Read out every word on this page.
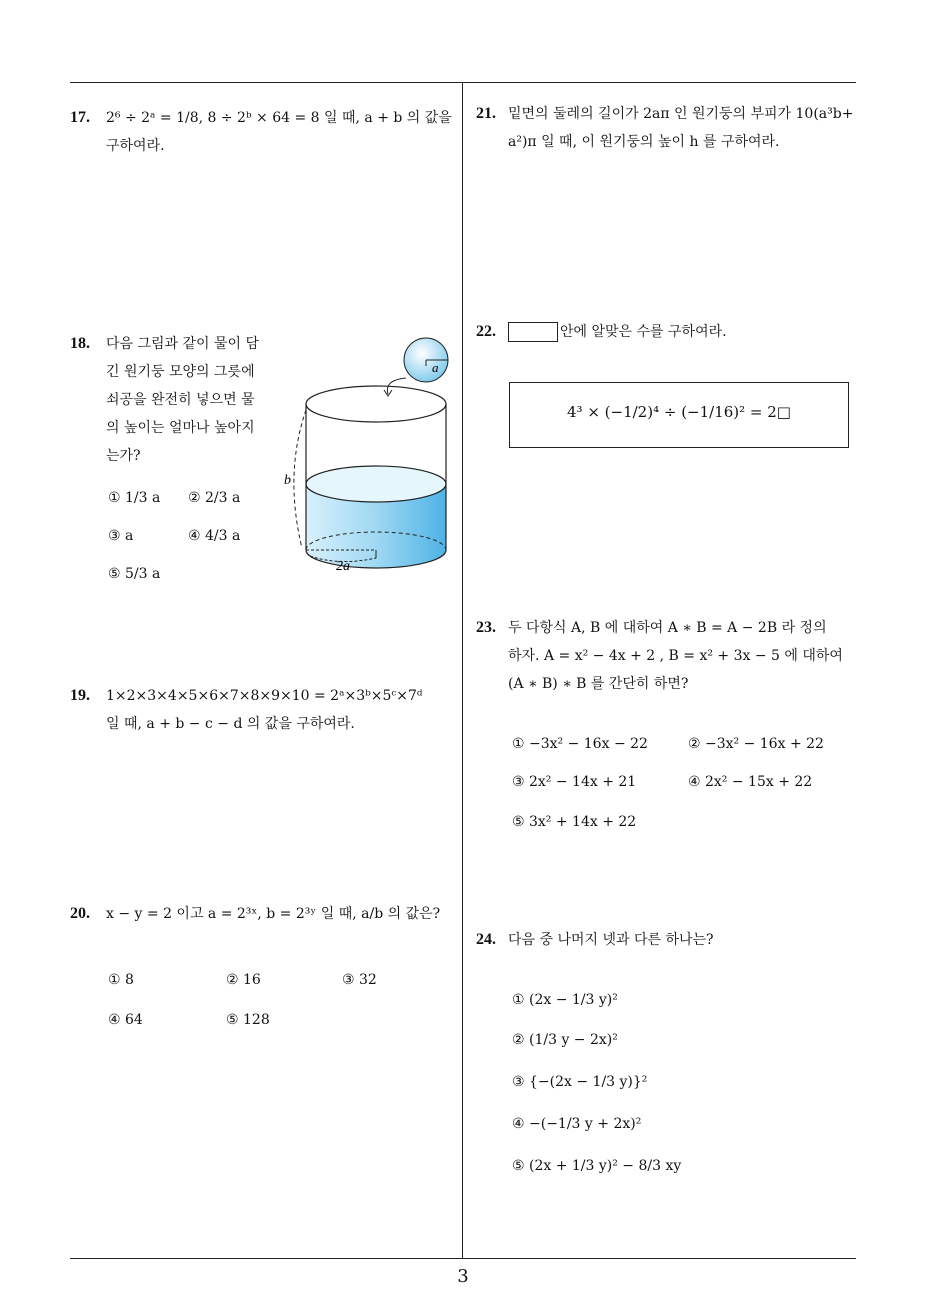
17. 2⁶ ÷ 2ᵃ = 1/8, 8 ÷ 2ᵇ × 64 = 8 일 때, a + b 의 값을

구하여라.

18. 다음 그림과 같이 물이 담

긴 원기둥 모양의 그릇에

쇠공을 완전히 넣으면 물

의 높이는 얼마나 높아지

는가?

① 1/3 a ② 2/3 a
③ a	④ 4/3 a
⑤ 5/3 a	2a
b
a
19. 1×2×3×4×5×6×7×8×9×10 = 2ᵃ×3ᵇ×5ᶜ×7ᵈ

일 때, a + b − c − d 의 값을 구하여라.

20. x − y = 2 이고 a = 2³ˣ, b = 2³ʸ 일 때, a/b 의 값은?

① 8	② 16	③ 32
④ 64	⑤ 128
21. 밑면의 둘레의 길이가 2aπ 인 원기둥의 부피가 10(a³b+

a²)π 일 때, 이 원기둥의 높이 h 를 구하여라.

22.	안에 알맞은 수를 구하여라.

4³ × (−1/2)⁴ ÷ (−1/16)² = 2□
23. 두 다항식 A, B 에 대하여 A ∗ B = A − 2B 라 정의

하자. A = x² − 4x + 2 , B = x² + 3x − 5 에 대하여

(A ∗ B) ∗ B 를 간단히 하면?

① −3x² − 16x − 22	② −3x² − 16x + 22
③ 2x² − 14x + 21	④ 2x² − 15x + 22
⑤ 3x² + 14x + 22
24. 다음 중 나머지 넷과 다른 하나는?

① (2x − 1/3 y)²
② (1/3 y − 2x)²
③ {−(2x − 1/3 y)}²
④ −(−1/3 y + 2x)²
⑤ (2x + 1/3 y)² − 8/3 xy
3
